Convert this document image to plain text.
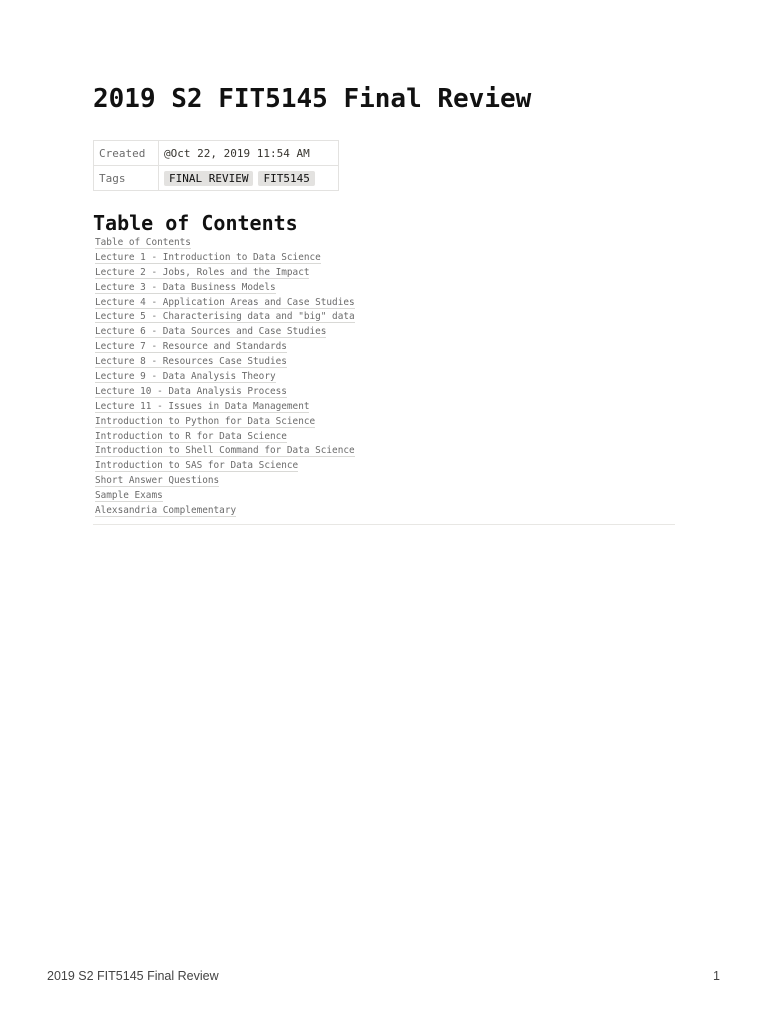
2019 S2 FIT5145 Final Review
Created	@Oct 22, 2019 11:54 AM
Tags	FINAL REVIEW FIT5145
Table of Contents
Table of Contents
Lecture 1 - Introduction to Data Science
Lecture 2 - Jobs, Roles and the Impact
Lecture 3 - Data Business Models
Lecture 4 - Application Areas and Case Studies
Lecture 5 - Characterising data and "big" data
Lecture 6 - Data Sources and Case Studies
Lecture 7 - Resource and Standards
Lecture 8 - Resources Case Studies
Lecture 9 - Data Analysis Theory
Lecture 10 - Data Analysis Process
Lecture 11 - Issues in Data Management
Introduction to Python for Data Science
Introduction to R for Data Science
Introduction to Shell Command for Data Science
Introduction to SAS for Data Science
Short Answer Questions
Sample Exams
Alexsandria Complementary
2019 S2 FIT5145 Final Review	1
